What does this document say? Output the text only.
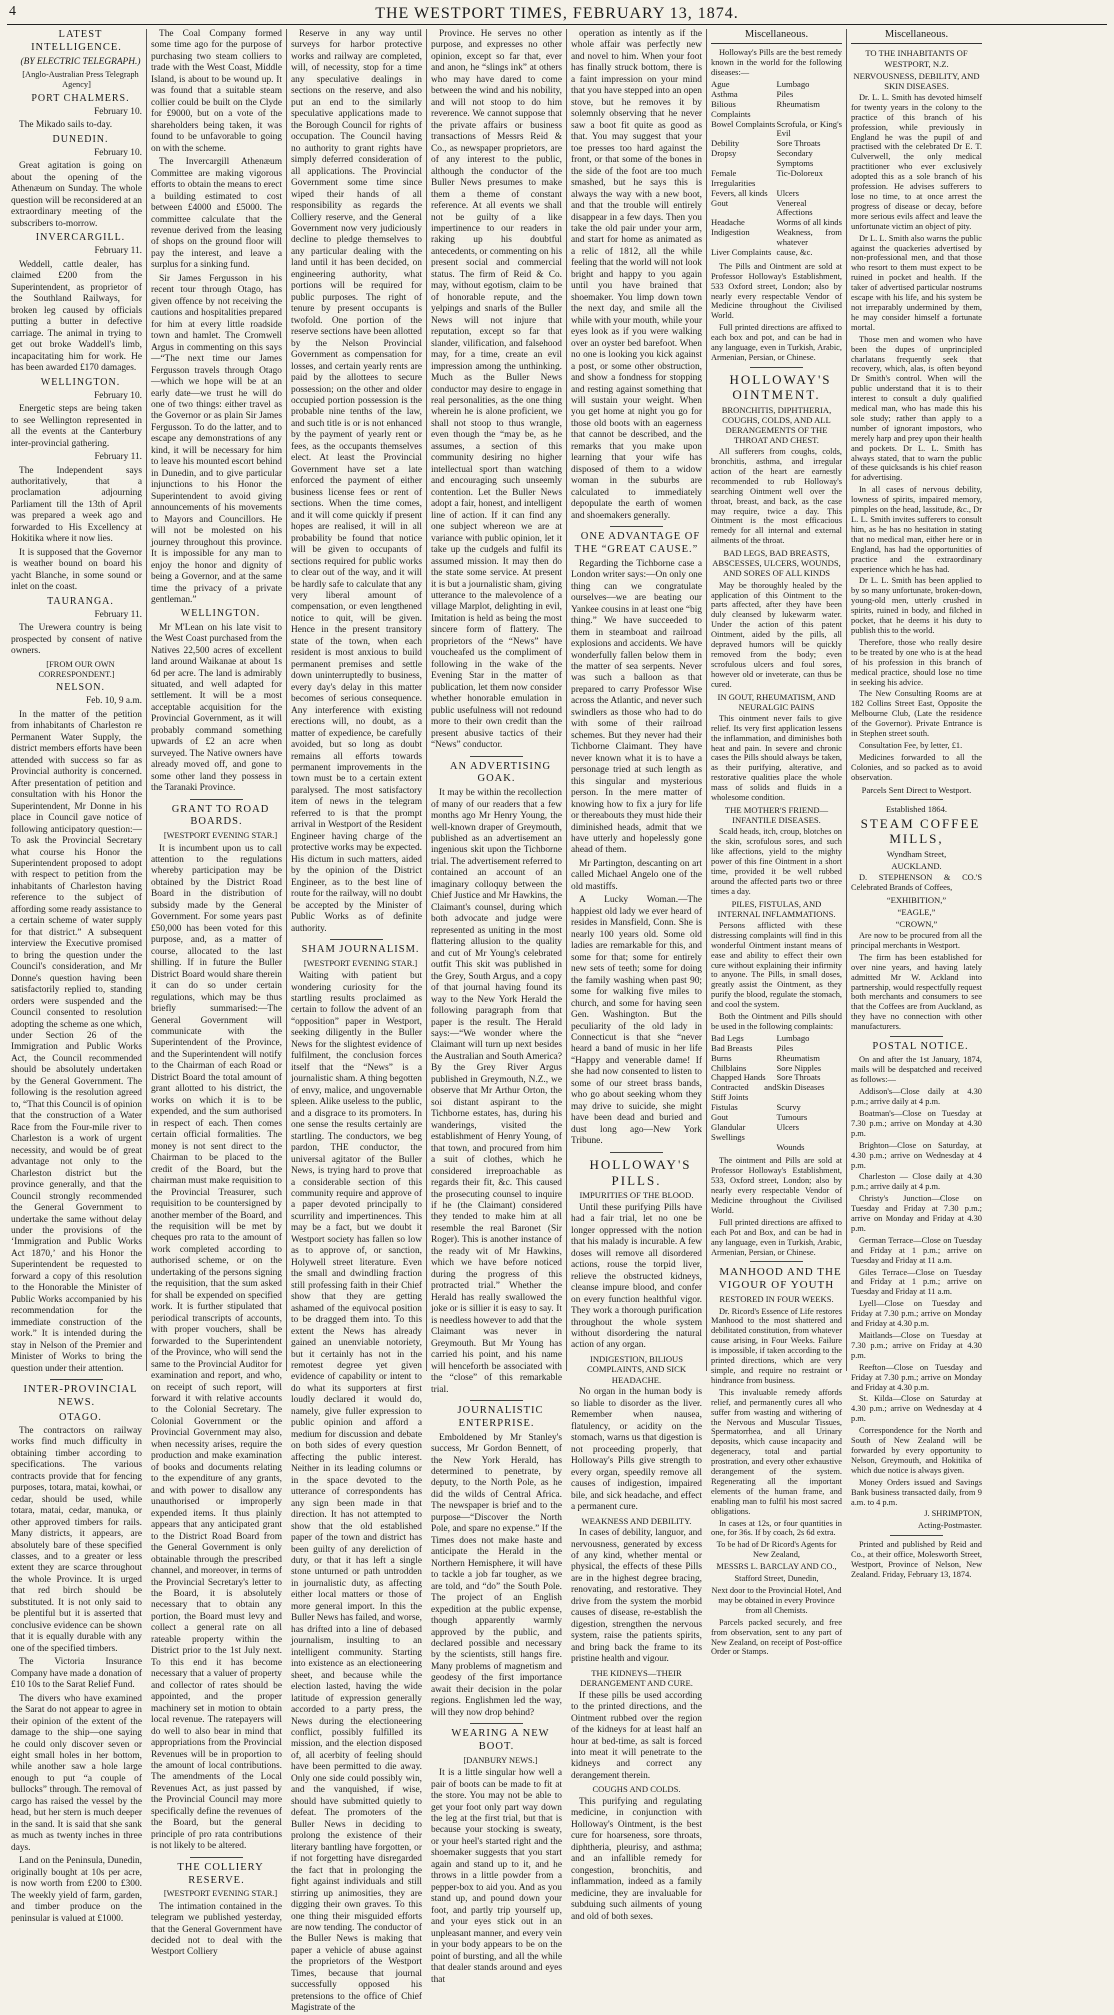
4	THE WESTPORT TIMES, FEBRUARY 13, 1874.

LATEST INTELLIGENCE.

(BY ELECTRIC TELEGRAPH.)

[Anglo-Australian Press Telegraph Agency]

PORT CHALMERS.

February 10.

The Mikado sails to-day.

DUNEDIN.

February 10.

Great agitation is going on about the opening of the Athenæum on Sunday. The whole question will be reconsidered at an extraordinary meeting of the subscribers to-morrow.

INVERCARGILL.

February 11.

Weddell, cattle dealer, has claimed £200 from the Superintendent, as proprietor of the Southland Railways, for broken leg caused by officials putting a butter in defective carriage. The animal in trying to get out broke Waddell's limb, incapacitating him for work. He has been awarded £170 damages.

WELLINGTON.

February 10.

Energetic steps are being taken to see Wellington represented in all the events at the Canterbury inter-provincial gathering.

February 11.

The Independent says authoritatively, that a proclamation adjourning Parliament till the 13th of April was prepared a week ago and forwarded to His Excellency at Hokitika where it now lies.

It is supposed that the Governor is weather bound on board his yacht Blanche, in some sound or inlet on the coast.

TAURANGA.

February 11.

The Urewera country is being prospected by consent of native owners.

[FROM OUR OWN CORRESPONDENT.]

NELSON.

Feb. 10, 9 a.m.

In the matter of the petition from inhabitants of Charleston re Permanent Water Supply, the district members efforts have been attended with success so far as Provincial authority is concerned. After presentation of petition and consultation with his Honor the Superintendent, Mr Donne in his place in Council gave notice of following anticipatory question:—To ask the Provincial Secretary what course his Honor the Superintendent proposed to adopt with respect to petition from the inhabitants of Charleston having reference to the subject of affording some ready assistance to a certain scheme of water supply for that district.” A subsequent interview the Executive promised to bring the question under the Council's consideration, and Mr Donne's question having been satisfactorily replied to, standing orders were suspended and the Council consented to resolution adopting the scheme as one which, under Section 26 of the Immigration and Public Works Act, the Council recommended should be absolutely undertaken by the General Government. The following is the resolution agreed to, “That this Council is of opinion that the construction of a Water Race from the Four-mile river to Charleston is a work of urgent necessity, and would be of great advantage not only to the Charleston district but the province generally, and that the Council strongly recommended the General Government to undertake the same without delay under the provisions of the ‘Immigration and Public Works Act 1870,’ and his Honor the Superintendent be requested to forward a copy of this resolution to the Honorable the Minister of Public Works accompanied by his recommendation for the immediate construction of the work.” It is intended during the stay in Nelson of the Premier and Minister of Works to bring the question under their attention.

INTER-PROVINCIAL NEWS.

OTAGO.

The contractors on railway works find much difficulty in obtaining timber according to specifications. The various contracts provide that for fencing purposes, totara, matai, kowhai, or cedar, should be used, while totara, matai, cedar, manuka, or other approved timbers for rails. Many districts, it appears, are absolutely bare of these specified classes, and to a greater or less extent they are scarce throughout the whole Province. It is urged that red birch should be substituted. It is not only said to be plentiful but it is asserted that conclusive evidence can be shown that it is equally durable with any one of the specified timbers.

The Victoria Insurance Company have made a donation of £10 10s to the Sarat Relief Fund.

The divers who have examined the Sarat do not appear to agree in their opinion of the extent of the damage to the ship—one saying he could only discover seven or eight small holes in her bottom, while another saw a hole large enough to put “a couple of bullocks” through. The removal of cargo has raised the vessel by the head, but her stern is much deeper in the sand. It is said that she sank as much as twenty inches in three days.

Land on the Peninsula, Dunedin, originally bought at 10s per acre, is now worth from £200 to £300. The weekly yield of farm, garden, and timber produce on the peninsular is valued at £1000.

The Coal Company formed some time ago for the purpose of purchasing two steam colliers to trade with the West Coast, Middle Island, is about to be wound up. It was found that a suitable steam collier could be built on the Clyde for £9000, but on a vote of the shareholders being taken, it was found to be unfavorable to going on with the scheme.

The Invercargill Athenæum Committee are making vigorous efforts to obtain the means to erect a building estimated to cost between £4000 and £5000. The committee calculate that the revenue derived from the leasing of shops on the ground floor will pay the interest, and leave a surplus for a sinking fund.

Sir James Fergusson in his recent tour through Otago, has given offence by not receiving the cautions and hospitalities prepared for him at every little roadside town and hamlet. The Cromwell Argus in commenting on this says—“The next time our James Fergusson travels through Otago—which we hope will be at an early date—we trust he will do one of two things: either travel as the Governor or as plain Sir James Fergusson. To do the latter, and to escape any demonstrations of any kind, it will be necessary for him to leave his mounted escort behind in Dunedin, and to give particular injunctions to his Honor the Superintendent to avoid giving announcements of his movements to Mayors and Councillors. He will not be molested on his journey throughout this province. It is impossible for any man to enjoy the honor and dignity of being a Governor, and at the same time the privacy of a private gentleman.”

WELLINGTON.

Mr M'Lean on his late visit to the West Coast purchased from the Natives 22,500 acres of excellent land around Waikanae at about 1s 6d per acre. The land is admirably situated, and well adapted for settlement. It will be a most acceptable acquisition for the Provincial Government, as it will probably command something upwards of £2 an acre when surveyed. The Native owners have already moved off, and gone to some other land they possess in the Taranaki Province.

GRANT TO ROAD BOARDS.

[WESTPORT EVENING STAR.]

It is incumbent upon us to call attention to the regulations whereby participation may be obtained by the District Road Board in the distribution of subsidy made by the General Government. For some years past £50,000 has been voted for this purpose, and, as a matter of course, allocated to the last shilling. If in future the Buller District Board would share therein it can do so under certain regulations, which may be thus briefly summarised:—The General Government will communicate with the Superintendent of the Province, and the Superintendent will notify to the Chairman of each Road or District Board the total amount of grant allotted to his district, the works on which it is to be expended, and the sum authorised in respect of each. Then comes certain official formalities. The money is not sent direct to the Chairman to be placed to the credit of the Board, but the chairman must make requisition to the Provincial Treasurer, such requisition to be countersigned by another member of the Board, and the requisition will be met by cheques pro rata to the amount of work completed according to authorised scheme, or on the undertaking of the persons signing the requisition, that the sum asked for shall be expended on specified work. It is further stipulated that periodical transcripts of accounts, with proper vouchers, shall be forwarded to the Superintendent of the Province, who will send the same to the Provincial Auditor for examination and report, and who, on receipt of such report, will forward it with relative accounts to the Colonial Secretary. The Colonial Government or the Provincial Government may also, when necessity arises, require the production and make examination of books and documents relating to the expenditure of any grants, and with power to disallow any unauthorised or improperly expended items. It thus plainly appears that any anticipated grant to the District Road Board from the General Government is only obtainable through the prescribed channel, and moreover, in terms of the Provincial Secretary's letter to the Board, it is absolutely necessary that to obtain any portion, the Board must levy and collect a general rate on all rateable property within the District prior to the 1st July next. To this end it has become necessary that a valuer of property and collector of rates should be appointed, and the proper machinery set in motion to obtain local revenue. The ratepayers will do well to also bear in mind that appropriations from the Provincial Revenues will be in proportion to the amount of local contributions. The amendments of the Local Revenues Act, as just passed by the Provincial Council may more specifically define the revenues of the Board, but the general principle of pro rata contributions is not likely to be altered.

THE COLLIERY RESERVE.

[WESTPORT EVENING STAR.]

The intimation contained in the telegram we published yesterday, that the General Government have decided not to deal with the Westport Colliery

Reserve in any way until surveys for harbor protective works and railway are completed, will, of necessity, stop for a time any speculative dealings in sections on the reserve, and also put an end to the similarly speculative applications made to the Borough Council for rights of occupation. The Council having no authority to grant rights have simply deferred consideration of all applications. The Provincial Government some time since wiped their hands of all responsibility as regards the Colliery reserve, and the General Government now very judiciously decline to pledge themselves to any particular dealing with the land until it has been decided, on engineering authority, what portions will be required for public purposes. The right of tenure by present occupants is twofold. One portion of the reserve sections have been allotted by the Nelson Provincial Government as compensation for losses, and certain yearly rents are paid by the allottees to secure possession; on the other and older occupied portion possession is the probable nine tenths of the law, and such title is or is not enhanced by the payment of yearly rent or fees, as the occupants themselves elect. At least the Provincial Government have set a late enforced the payment of either business license fees or rent of sections. When the time comes, and it will come quickly if present hopes are realised, it will in all probability be found that notice will be given to occupants of sections required for public works to clear out of the way, and it will be hardly safe to calculate that any very liberal amount of compensation, or even lengthened notice to quit, will be given. Hence in the present transitory state of the town, when each resident is most anxious to build permanent premises and settle down uninterruptedly to business, every day's delay in this matter becomes of serious consequence. Any interference with existing erections will, no doubt, as a matter of expedience, be carefully avoided, but so long as doubt remains all efforts towards permanent improvements in the town must be to a certain extent paralysed. The most satisfactory item of news in the telegram referred to is that the prompt arrival in Westport of the Resident Engineer having charge of the protective works may be expected. His dictum in such matters, aided by the opinion of the District Engineer, as to the best line of route for the railway, will no doubt be accepted by the Minister of Public Works as of definite authority.

SHAM JOURNALISM.

[WESTPORT EVENING STAR.]

Waiting with patient but wondering curiosity for the startling results proclaimed as certain to follow the advent of an “opposition” paper in Westport, seeking diligently in the Buller News for the slightest evidence of fulfilment, the conclusion forces itself that the “News” is a journalistic sham. A thing begotten of envy, malice, and ungovernable spleen. Alike useless to the public, and a disgrace to its promoters. In one sense the results certainly are startling. The conductors, we beg pardon, THE conductor, the universal agitator of the Buller News, is trying hard to prove that a considerable section of this community require and approve of a paper devoted principally to scurrility and impertinences. This may be a fact, but we doubt it Westport society has fallen so low as to approve of, or sanction, Holywell street literature. Even the small and dwindling fraction still professing faith in their Chief show that they are getting ashamed of the equivocal position to be dragged them into. To this extent the News has already gained an unenviable notoriety, but it certainly has not in the remotest degree yet given evidence of capability or intent to do what its supporters at first loudly declared it would do, namely, give fuller expression to public opinion and afford a medium for discussion and debate on both sides of every question affecting the public interest. Neither in its leading columns or in the space devoted to the utterance of correspondents has any sign been made in that direction. It has not attempted to show that the old established paper of the town and district has been guilty of any dereliction of duty, or that it has left a single stone unturned or path untrodden in journalistic duty, as affecting either local matters or those of more general import. In this the Buller News has failed, and worse, has drifted into a line of debased journalism, insulting to an intelligent community. Starting into existence as an electioneering sheet, and because while the election lasted, having the wide latitude of expression generally accorded to a party press, the News during the electioneering conflict, possibly fulfilled its mission, and the election disposed of, all acerbity of feeling should have been permitted to die away. Only one side could possibly win, and the vanquished, if wise, should have submitted quietly to defeat. The promoters of the Buller News in deciding to prolong the existence of their literary bantling have forgotten, or if not forgetting have disregarded the fact that in prolonging the fight against individuals and still stirring up animosities, they are digging their own graves. To this one thing their misguided efforts are now tending. The conductor of the Buller News is making that paper a vehicle of abuse against the proprietors of the Westport Times, because that journal successfully opposed his pretensions to the office of Chief Magistrate of the

Province. He serves no other purpose, and expresses no other opinion, except so far that, ever and anon, he “slings ink” at others who may have dared to come between the wind and his nobility, and will not stoop to do him reverence. We cannot suppose that the private affairs or business transactions of Messrs Reid & Co., as newspaper proprietors, are of any interest to the public, although the conductor of the Buller News presumes to make them a theme of constant reference. At all events we shall not be guilty of a like impertinence to our readers in raking up his doubtful antecedents, or commenting on his present social and commercial status. The firm of Reid & Co. may, without egotism, claim to be of honorable repute, and the yelpings and snarls of the Buller News will not injure that reputation, except so far that slander, vilification, and falsehood may, for a time, create an evil impression among the unthinking. Much as the Buller News conductor may desire to engage in real personalities, as the one thing wherein he is alone proficient, we shall not stoop to thus wrangle, even though the “may be, as he assumes, a section of this community desiring no higher intellectual sport than watching and encouraging such unseemly contention. Let the Buller News adopt a fair, honest, and intelligent line of action. If it can find any one subject whereon we are at variance with public opinion, let it take up the cudgels and fulfil its assumed mission. It may then do the state some service. At present it is but a journalistic sham, giving utterance to the malevolence of a village Marplot, delighting in evil, Imitation is held as being the most sincere form of flattery. The proprietors of the “News” have voucheafed us the compliment of following in the wake of the Evening Star in the matter of publication, let them now consider whether honorable emulation in public usefulness will not redound more to their own credit than the present abusive tactics of their “News” conductor.

AN ADVERTISING GOAK.

It may be within the recollection of many of our readers that a few months ago Mr Henry Young, the well-known draper of Greymouth, published as an advertisement an ingenious skit upon the Tichborne trial. The advertisement referred to contained an account of an imaginary colloquy between the Chief Justice and Mr Hawkins, the Claimant's counsel, during which both advocate and judge were represented as uniting in the most flattering allusion to the quality and cut of Mr Young's celebrated outfit This skit was published in the Grey, South Argus, and a copy of that journal having found its way to the New York Herald the following paragraph from that paper is the result. The Herald says:—“We wonder where the Claimant will turn up next besides the Australian and South America? By the Grey River Argus published in Greymouth, N.Z., we observe that Mr Arthur Orton, the soi distant aspirant to the Tichborne estates, has, during his wanderings, visited the establishment of Henry Young, of that town, and procured from him a suit of clothes, which he considered irreproachable as regards their fit, &c. This caused the prosecuting counsel to inquire if he (the Claimant) considered they tended to make him at all resemble the real Baronet (Sir Roger). This is another instance of the ready wit of Mr Hawkins, which we have before noticed during the progress of this protracted trial.” Whether the Herald has really swallowed the joke or is sillier it is easy to say. It is needless however to add that the Claimant was never in Greymouth. But Mr Young has carried his point, and his name will henceforth be associated with the “close” of this remarkable trial.

JOURNALISTIC ENTERPRISE.

Emboldened by Mr Stanley's success, Mr Gordon Bennett, of the New York Herald, has determined to penetrate, by deputy, to the North Pole, as he did the wilds of Central Africa. The newspaper is brief and to the purpose—“Discover the North Pole, and spare no expense.” If the Times does not make haste and anticipate the Herald in the Northern Hemisphere, it will have to tackle a job far tougher, as we are told, and “do” the South Pole. The project of an English expedition at the public expense, though apparently warmly approved by the public, and declared possible and necessary by the scientists, still hangs fire. Many problems of magnetism and geodesy of the first importance await their decision in the polar regions. Englishmen led the way, will they now drop behind?

WEARING A NEW BOOT.

[DANBURY NEWS.]

It is a little singular how well a pair of boots can be made to fit at the store. You may not be able to get your foot only part way down the leg at the first trial, but that is because your stocking is sweaty, or your heel's started right and the shoemaker suggests that you start again and stand up to it, and he throws in a little powder from a pepper-box to aid you. And as you stand up, and pound down your foot, and partly trip yourself up, and your eyes stick out in an unpleasant manner, and every vein in your body appears to be on the point of bursting, and all the while that dealer stands around and eyes that

operation as intently as if the whole affair was perfectly new and novel to him. When your foot has finally struck bottom, there is a faint impression on your mind that you have stepped into an open stove, but he removes it by solemnly observing that he never saw a boot fit quite as good as that. You may suggest that your toe presses too hard against the front, or that some of the bones in the side of the foot are too much smashed, but he says this is always the way with a new boot, and that the trouble will entirely disappear in a few days. Then you take the old pair under your arm, and start for home as animated as a relic of 1812, all the while feeling that the world will not look bright and happy to you again until you have brained that shoemaker. You limp down town the next day, and smile all the while with your mouth, while your eyes look as if you were walking over an oyster bed barefoot. When no one is looking you kick against a post, or some other obstruction, and show a fondness for stopping and resting against something that will sustain your weight. When you get home at night you go for those old boots with an eagerness that cannot be described, and the remarks that you make upon learning that your wife has disposed of them to a widow woman in the suburbs are calculated to immediately depopulate the earth of women and shoemakers generally.

ONE ADVANTAGE OF THE “GREAT CAUSE.”

Regarding the Tichborne case a London writer says:—On only one thing can we congratulate ourselves—we are beating our Yankee cousins in at least one “big thing.” We have succeeded to them in steamboat and railroad explosions and accidents. We have wonderfully fallen below them in the matter of sea serpents. Never was such a balloon as that prepared to carry Professor Wise across the Atlantic, and never such swindlers as those who had to do with some of their railroad schemes. But they never had their Tichborne Claimant. They have never known what it is to have a personage tried at such length as this singular and mysterious person. In the mere matter of knowing how to fix a jury for life or thereabouts they must hide their diminished heads, admit that we have utterly and hopelessly gone ahead of them.

Mr Partington, descanting on art called Michael Angelo one of the old mastiffs.

A Lucky Woman.—The happiest old lady we ever heard of resides in Mansfield, Conn. She is nearly 100 years old. Some old ladies are remarkable for this, and some for that; some for entirely new sets of teeth; some for doing the family washing when past 90; some for walking five miles to church, and some for having seen Gen. Washington. But the peculiarity of the old lady in Connecticut is that she “never heard a band of music in her life “Happy and venerable dame! If she had now consented to listen to some of our street brass bands, who go about seeking whom they may drive to suicide, she might have been dead and buried and dust long ago—New York Tribune.

HOLLOWAY'S PILLS.

IMPURITIES OF THE BLOOD.

Until these purifying Pills have had a fair trial, let no one be longer oppressed with the notion that his malady is incurable. A few doses will remove all disordered actions, rouse the torpid liver, relieve the obstructed kidneys, cleanse impure blood, and confer on every function healthful vigor. They work a thorough purification throughout the whole system without disordering the natural action of any organ.

INDIGESTION, BILIOUS COMPLAINTS, AND SICK HEADACHE.

No organ in the human body is so liable to disorder as the liver. Remember when nausea, flatulency, or acidity on the stomach, warns us that digestion is not proceeding properly, that Holloway's Pills give strength to every organ, speedily remove all causes of indigestion, impaired bile, and sick headache, and effect a permanent cure.

WEAKNESS AND DEBILITY.

In cases of debility, languor, and nervousness, generated by excess of any kind, whether mental or physical, the effects of these Pills are in the highest degree bracing, renovating, and restorative. They drive from the system the morbid causes of disease, re-establish the digestion, strengthen the nervous system, raise the patients spirits, and bring back the frame to its pristine health and vigour.

THE KIDNEYS—THEIR DERANGEMENT AND CURE.

If these pills be used according to the printed directions, and the Ointment rubbed over the region of the kidneys for at least half an hour at bed-time, as salt is forced into meat it will penetrate to the kidneys and correct any derangement therein.

COUGHS AND COLDS.

This purifying and regulating medicine, in conjunction with Holloway's Ointment, is the best cure for hoarseness, sore throats, diphtheria, pleurisy, and asthma; and an infallible remedy for congestion, bronchitis, and inflammation, indeed as a family medicine, they are invaluable for subduing such ailments of young and old of both sexes.

Miscellaneous.

Holloway's Pills are the best remedy known in the world for the following diseases:—

Ague	Lumbago
Asthma	Piles
Bilious Complaints
Rheumatism
Bowel Complaints Scrofula, or King's Evil
Debility	Sore Throats
Dropsy	Secondary Symptoms
Female Irregularities
Tic-Doloreux
Fevers, all kinds	Ulcers
Gout	Venereal Affections
Headache	Worms of all kinds
Indigestion	Weakness, from whatever
Liver Complaints cause, &c.

The Pills and Ointment are sold at Professor Holloway's Establishment, 533 Oxford street, London; also by nearly every respectable Vendor of Medicine throughout the Civilised World.

Full printed directions are affixed to each box and pot, and can be had in any language, even in Turkish, Arabic, Armenian, Persian, or Chinese.

HOLLOWAY'S OINTMENT.

BRONCHITIS, DIPHTHERIA, COUGHS, COLDS, AND ALL DERANGEMENTS OF THE THROAT AND CHEST.

All sufferers from coughs, colds, bronchitis, asthma, and irregular action of the heart are earnestly recommended to rub Holloway's searching Ointment well over the throat, breast, and back, as the case may require, twice a day. This Ointment is the most efficacious remedy for all internal and external ailments of the throat.

BAD LEGS, BAD BREASTS, ABSCESSES, ULCERS, WOUNDS, AND SORES OF ALL KINDS

May be thoroughly healed by the application of this Ointment to the parts affected, after they have been duly cleansed by lukewarm water. Under the action of this patent Ointment, aided by the pills, all depraved humors will be quickly removed from the body; even scrofulous ulcers and foul sores, however old or inveterate, can thus be cured.

IN GOUT, RHEUMATISM, AND NEURALGIC PAINS

This ointment never fails to give relief. Its very first application lessens the inflammation, and diminishes both heat and pain. In severe and chronic cases the Pills should always be taken, as their purifying, alterative, and restorative qualities place the whole mass of solids and fluids in a wholesome condition.

THE MOTHER'S FRIEND—INFANTILE DISEASES.

Scald heads, itch, croup, blotches on the skin, scrofulous sores, and such like affections, yield to the mighty power of this fine Ointment in a short time, provided it be well rubbed around the affected parts two or three times a day.

PILES, FISTULAS, AND INTERNAL INFLAMMATIONS.

Persons afflicted with these distressing complaints will find in this wonderful Ointment instant means of ease and ability to effect their own cure without explaining their infirmity to anyone. The Pills, in small doses, greatly assist the Ointment, as they purify the blood, regulate the stomach, and cool the system.

Both the Ointment and Pills should be used in the following complaints:

Bad Legs	Lumbago
Bad Breasts	Piles
Burns	Rheumatism
Chilblains	Sore Nipples
Chapped Hands	Sore Throats
Contracted and Stiff Joints
Skin Diseases
Fistulas	Scurvy
Gout	Tumours
Glandular Swellings
Ulcers
Wounds

The ointment and Pills are sold at Professor Holloway's Establishment, 533, Oxford street, London; also by nearly every respectable Vendor of Medicine throughout the Civilised World.

Full printed directions are affixed to each Pot and Box, and can be had in any language, even in Turkish, Arabic, Armenian, Persian, or Chinese.

MANHOOD AND THE VIGOUR OF YOUTH

RESTORED IN FOUR WEEKS.

Dr. Ricord's Essence of Life restores Manhood to the most shattered and debilitated constitution, from whatever cause arising, in Four Weeks. Failure is impossible, if taken according to the printed directions, which are very simple, and require no restraint or hindrance from business.

This invaluable remedy affords relief, and permanently cures all who suffer from wasting and withering of the Nervous and Muscular Tissues, Spermatorrhea, and all Urinary deposits, which cause incapacity and degeneracy, total and partial prostration, and every other exhaustive derangement of the system. Regenerating all the important elements of the human frame, and enabling man to fulfil his most sacred obligations.

In cases at 12s, or four quantities in one, for 36s. If by coach, 2s 6d extra.

To be had of Dr Ricord's Agents for New Zealand,

MESSRS L. BARCLAY AND CO.,

Stafford Street, Dunedin,

Next door to the Provincial Hotel, And may be obtained in every Province from all Chemists.

Parcels packed securely, and free from observation, sent to any part of New Zealand, on receipt of Post-office Order or Stamps.

Miscellaneous.

TO THE INHABITANTS OF WESTPORT, N.Z.

NERVOUSNESS, DEBILITY, AND SKIN DISEASES.

Dr. L. L. Smith has devoted himself for twenty years in the colony to the practice of this branch of his profession, while previously in England he was the pupil of and practised with the celebrated Dr E. T. Culverwell, the only medical practitioner who ever exclusively adopted this as a sole branch of his profession. He advises sufferers to lose no time, to at once arrest the progress of disease or decay, before more serious evils affect and leave the unfortunate victim an object of pity.

Dr L. L. Smith also warns the public against the quackeries advertised by non-professional men, and that those who resort to them must expect to be ruined in pocket and health. If the taker of advertised particular nostrums escape with his life, and his system be not irreparably undermined by them, he may consider himself a fortunate mortal.

Those men and women who have been the dupes of unprincipled charlatans frequently seek that recovery, which, alas, is often beyond Dr Smith's control. When will the public understand that it is to their interest to consult a duly qualified medical man, who has made this his sole study; rather than apply to a number of ignorant impostors, who merely harp and prey upon their health and pockets. Dr L. L. Smith has always stated, that to warn the public of these quicksands is his chief reason for advertising.

In all cases of nervous debility, lowness of spirits, impaired memory, pimples on the head, lassitude, &c., Dr L. L. Smith invites sufferers to consult him, as he has no hesitation in stating that no medical man, either here or in England, has had the opportunities of practice and the extraordinary experience which he has had.

Dr L. L. Smith has been applied to by so many unfortunate, broken-down, young-old men, utterly crushed in spirits, ruined in body, and filched in pocket, that he deems it his duty to publish this to the world.

Therefore, those who really desire to be treated by one who is at the head of his profession in this branch of medical practice, should lose no time in seeking his advice.

The New Consulting Rooms are at 182 Collins Street East, Opposite the Melbourne Club, (Late the residence of the Governor). Private Entrance is in Stephen street south.

Consultation Fee, by letter, £1.

Medicines forwarded to all the Colonies, and so packed as to avoid observation.

Parcels Sent Direct to Westport.

Established 1864.

STEAM COFFEE MILLS,

Wyndham Street,

AUCKLAND.

D. STEPHENSON & CO.'S Celebrated Brands of Coffees,

“EXHIBITION,”

“EAGLE,”

“CROWN,”

Are now to be procured from all the principal merchants in Westport.

The firm has been established for over nine years, and having lately admitted Mr W. Ackland into partnership, would respectfully request both merchants and consumers to see that the Coffees are from Auckland, as they have no connection with other manufacturers.

POSTAL NOTICE.

On and after the 1st January, 1874, mails will be despatched and received as follows:—

Addison's—Close daily at 4.30 p.m.; arrive daily at 4 p.m.

Boatman's—Close on Tuesday at 7.30 p.m.; arrive on Monday at 4.30 p.m.

Brighton—Close on Saturday, at 4.30 p.m.; arrive on Wednesday at 4 p.m.

Charleston — Close daily at 4.30 p.m.; arrive daily at 4 p.m.

Christy's Junction—Close on Tuesday and Friday at 7.30 p.m.; arrive on Monday and Friday at 4.30 p.m.

German Terrace—Close on Tuesday and Friday at 1 p.m.; arrive on Tuesday and Friday at 11 a.m.

Giles Terrace—Close on Tuesday and Friday at 1 p.m.; arrive on Tuesday and Friday at 11 a.m.

Lyell—Close on Tuesday and Friday at 7.30 p.m.; arrive on Monday and Friday at 4.30 p.m.

Maitlands—Close on Tuesday at 7.30 p.m.; arrive on Friday at 4.30 p.m.

Reefton—Close on Tuesday and Friday at 7.30 p.m.; arrive on Monday and Friday at 4.30 p.m.

St. Kilda—Close on Saturday at 4.30 p.m.; arrive on Wednesday at 4 p.m.

Correspondence for the North and South of New Zealand will be forwarded by every opportunity to Nelson, Greymouth, and Hokitika of which due notice is always given.

Money Orders issued and Savings Bank business transacted daily, from 9 a.m. to 4 p.m.

J. SHRIMPTON,

Acting-Postmaster.

Printed and published by Reid and Co., at their office, Molesworth Street, Westport, Province of Nelson, New Zealand. Friday, February 13, 1874.
